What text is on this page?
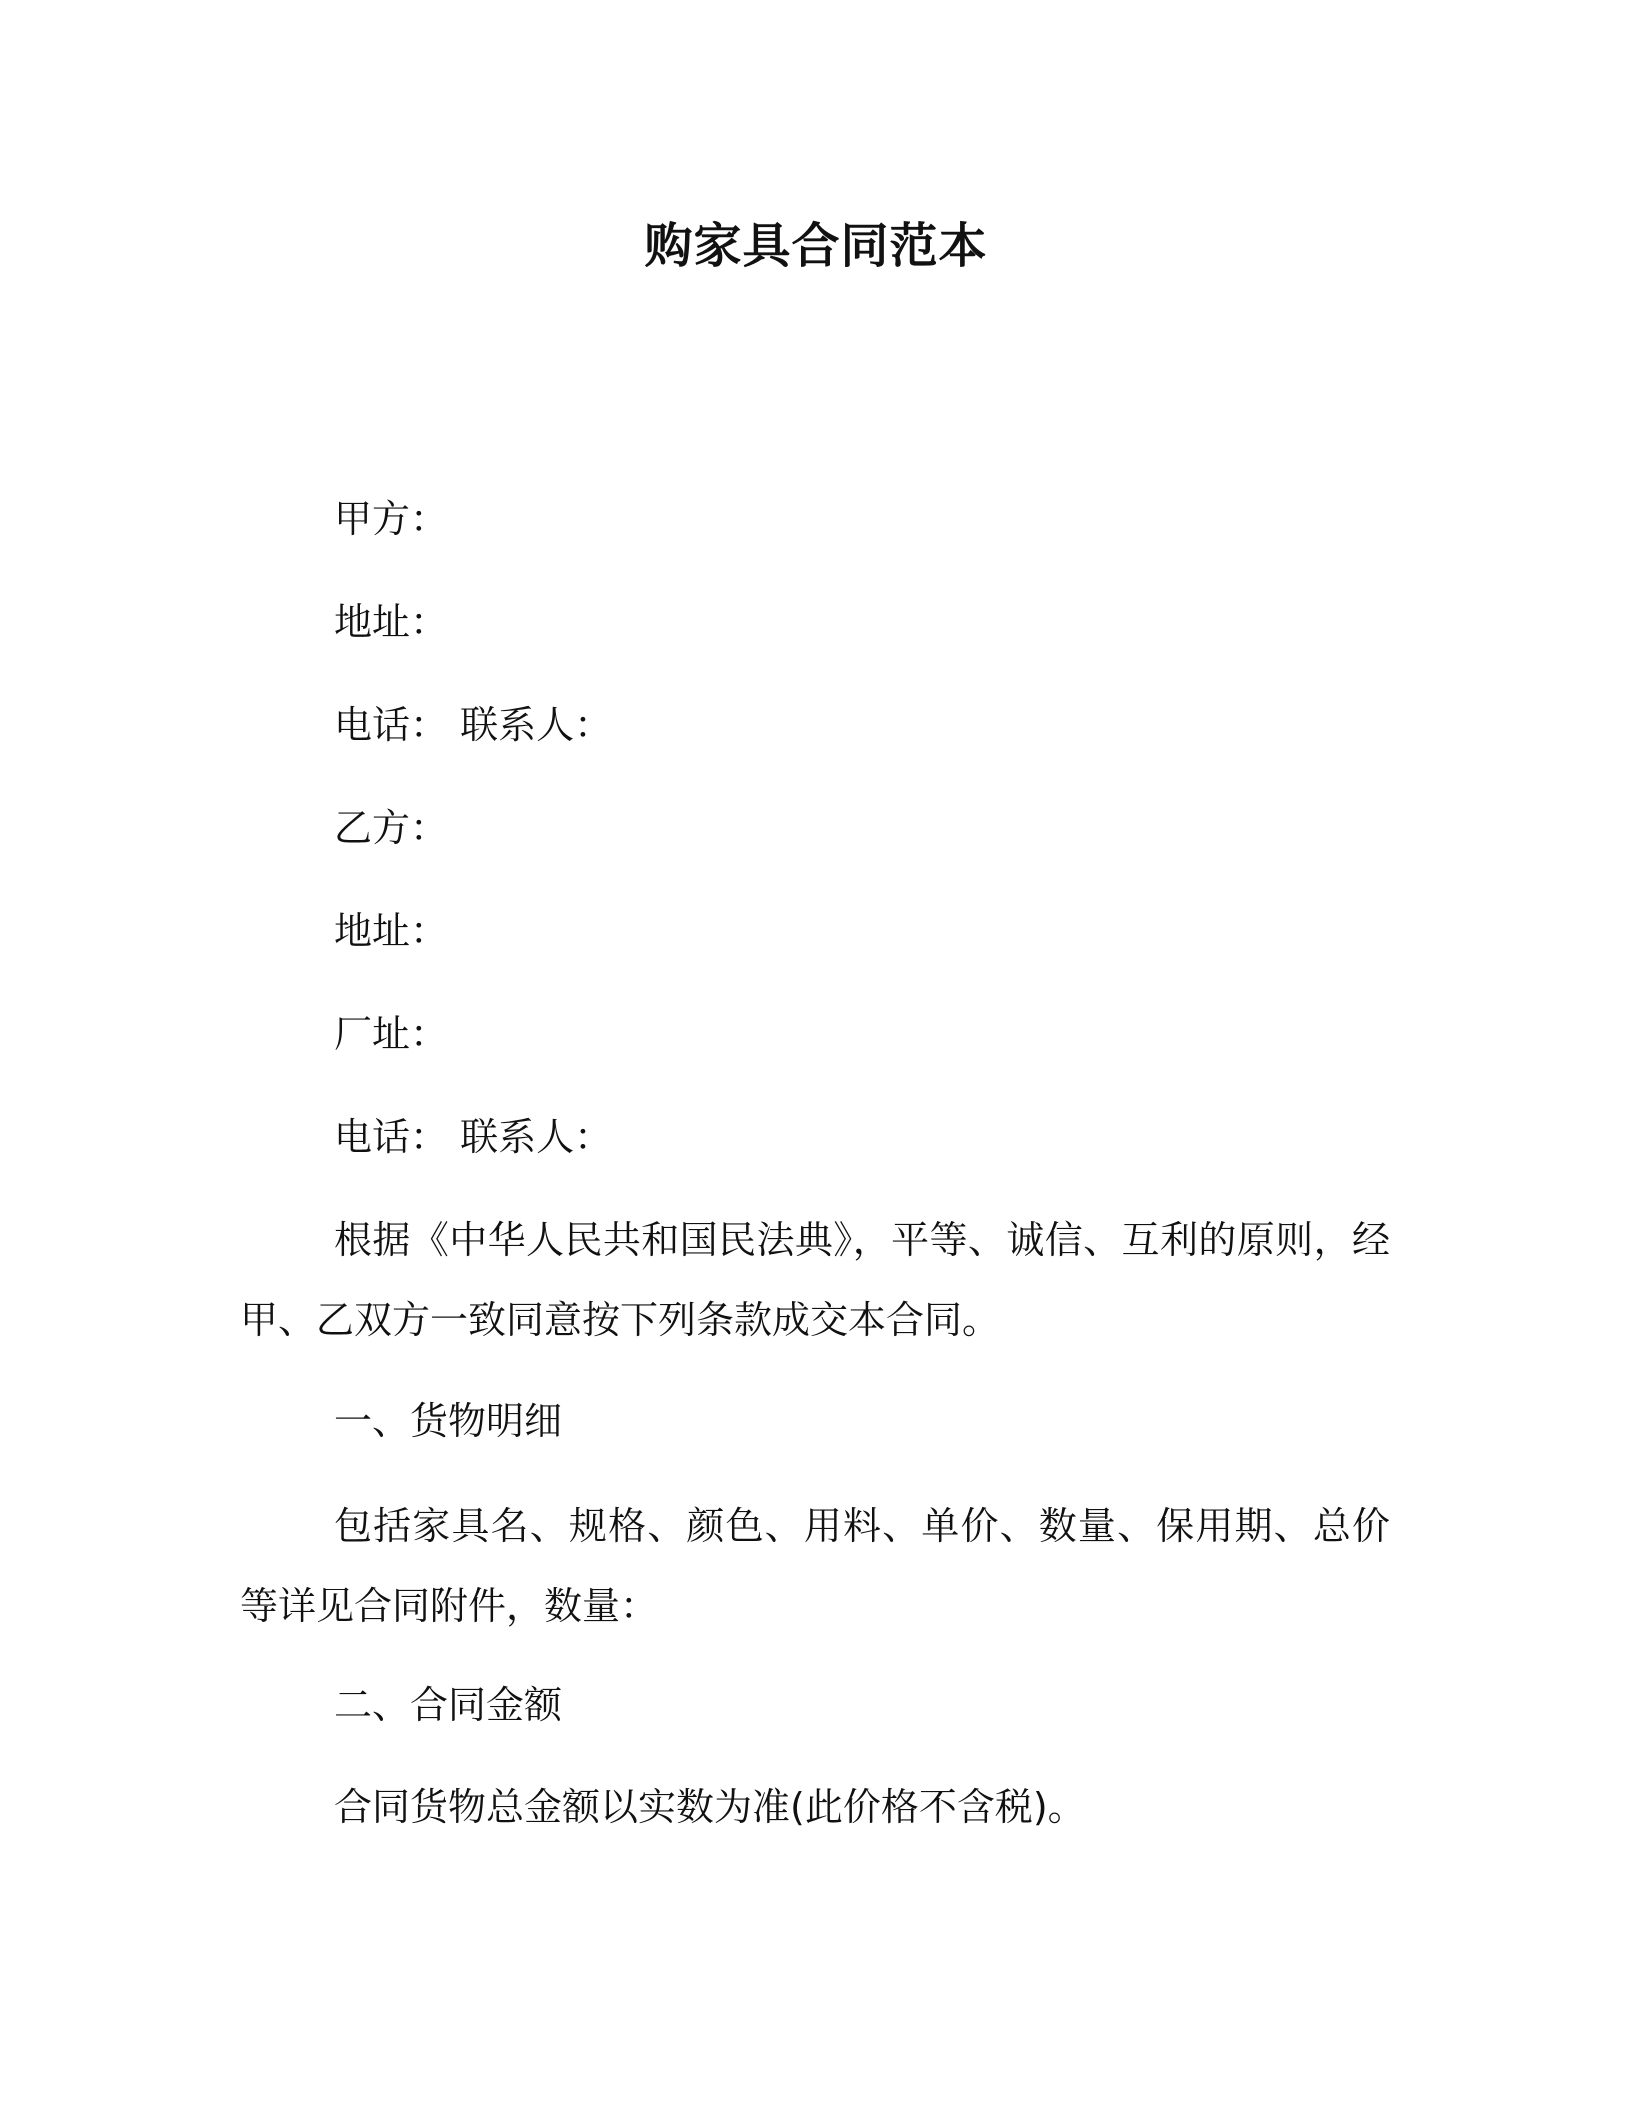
购家具合同范本
甲方：
地址：
电话： 联系人：
乙方：
地址：
厂址：
电话： 联系人：
根据《中华人民共和国民法典》，平等、诚信、互利的原则，经甲、乙双方一致同意按下列条款成交本合同。
一、货物明细
包括家具名、规格、颜色、用料、单价、数量、保用期、总价等详见合同附件，数量：
二、合同金额
合同货物总金额以实数为准(此价格不含税)。
